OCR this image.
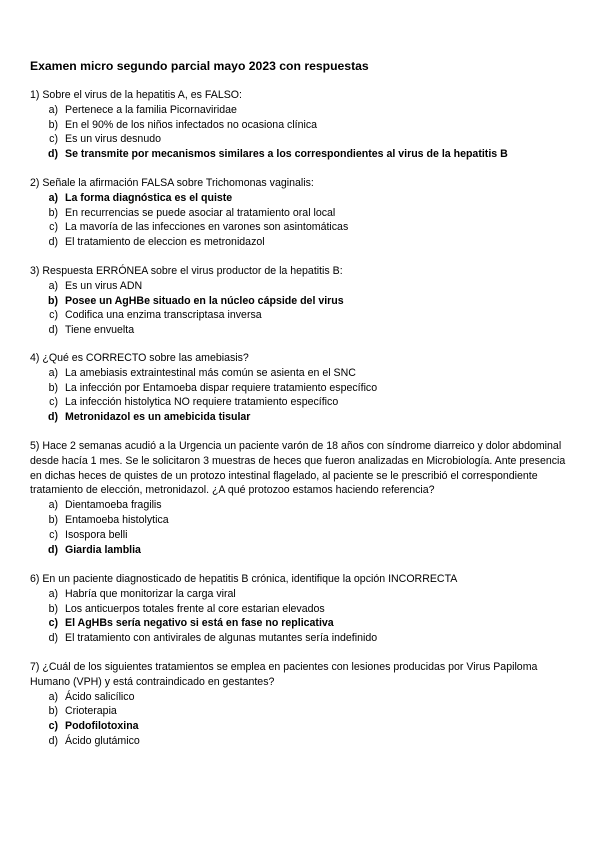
Examen micro segundo parcial mayo 2023 con respuestas

1) Sobre el virus de la hepatitis A, es FALSO:

a) Pertenece a la familia Picornaviridae
b) En el 90% de los niños infectados no ocasiona clínica
c) Es un virus desnudo
d) Se transmite por mecanismos similares a los correspondientes al virus de la hepatitis B

2) Señale la afirmación FALSA sobre Trichomonas vaginalis:

a) La forma diagnóstica es el quiste
b) En recurrencias se puede asociar al tratamiento oral local
c) La mavoría de las infecciones en varones son asintomáticas
d) El tratamiento de eleccion es metronidazol

3) Respuesta ERRÓNEA sobre el virus productor de la hepatitis B:

a) Es un virus ADN
b) Posee un AgHBe situado en la núcleo cápside del virus
c) Codifica una enzima transcriptasa inversa
d) Tiene envuelta

4) ¿Qué es CORRECTO sobre las amebiasis?

a) La amebiasis extraintestinal más común se asienta en el SNC
b) La infección por Entamoeba dispar requiere tratamiento específico
c) La infección histolytica NO requiere tratamiento específico
d) Metronidazol es un amebicida tisular

5) Hace 2 semanas acudió a la Urgencia un paciente varón de 18 años con síndrome diarreico y dolor abdominal desde hacía 1 mes. Se le solicitaron 3 muestras de heces que fueron analizadas en Microbiología. Ante presencia en dichas heces de quistes de un protozo intestinal flagelado, al paciente se le prescribió el correspondiente tratamiento de elección, metronidazol. ¿A qué protozoo estamos haciendo referencia?

a) Dientamoeba fragilis
b) Entamoeba histolytica
c) Isospora belli
d) Giardia lamblia

6) En un paciente diagnosticado de hepatitis B crónica, identifique la opción INCORRECTA

a) Habría que monitorizar la carga viral
b) Los anticuerpos totales frente al core estarian elevados
c) El AgHBs sería negativo si está en fase no replicativa
d) El tratamiento con antivirales de algunas mutantes sería indefinido

7) ¿Cuál de los siguientes tratamientos se emplea en pacientes con lesiones producidas por Virus Papiloma Humano (VPH) y está contraindicado en gestantes?

a) Ácido salicílico
b) Crioterapia
c) Podofilotoxina
d) Ácido glutámico
